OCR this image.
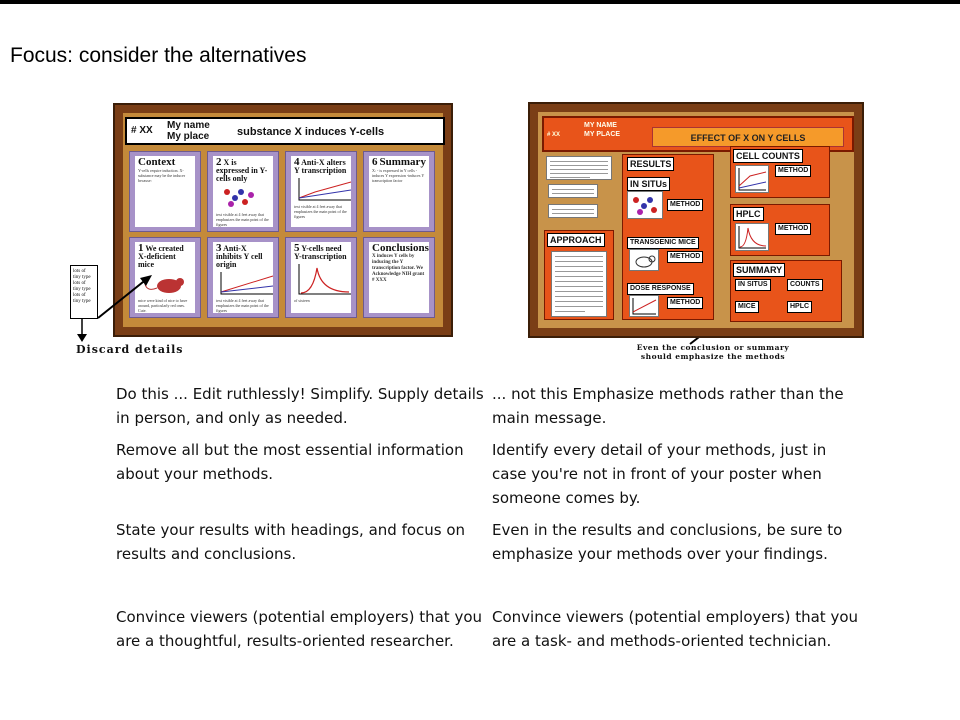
Focus: consider the alternatives
# XX My name
My place	substance X induces Y-cells
Context
Y-cells require induction. X-substance may be the inducer because:
2 X is expressed in Y-cells only
text visible at 4 feet away that emphasizes the main point of the figures
4 Anti-X alters Y transcription
text visible at 4 feet away that emphasizes the main point of the figures
6 Summary
X: - is expressed in Y cells -induces Y expression -induces Y transcription factor
1 We created X-deficient mice
mice were kind of nice to have around, particularly red ones. Cute.
3 Anti-X inhibits Y cell origin
text visible at 4 feet away that emphasizes the main point of the figures
5 Y-cells need Y-transcription
of sixteen
Conclusions
X induces Y cells by inducing the Y transcription factor. We Acknowledge NIH grant # XXX
lots of
tiny type
lots of
tiny type
lots of
tiny type
Discard details
# XX
MY NAME
MY PLACE	EFFECT OF X ON Y CELLS
APPROACH
RESULTS
IN SITUs
METHOD
TRANSGENIC MICE
METHOD
DOSE RESPONSE
METHOD
CELL COUNTS
METHOD
HPLC
METHOD
SUMMARY
IN SITUS	COUNTS
MICE	HPLC
Even the conclusion or summary
should emphasize the methods
Do this ... Edit ruthlessly! Simplify. Supply details in person, and only as needed.
... not this Emphasize methods rather than the main message.
Remove all but the most essential information about your methods.
Identify every detail of your methods, just in case you're not in front of your poster when someone comes by.
State your results with headings, and focus on results and conclusions.
Even in the results and conclusions, be sure to emphasize your methods over your findings.
Convince viewers (potential employers) that you are a thoughtful, results-oriented researcher.
Convince viewers (potential employers) that you are a task- and methods-oriented technician.
